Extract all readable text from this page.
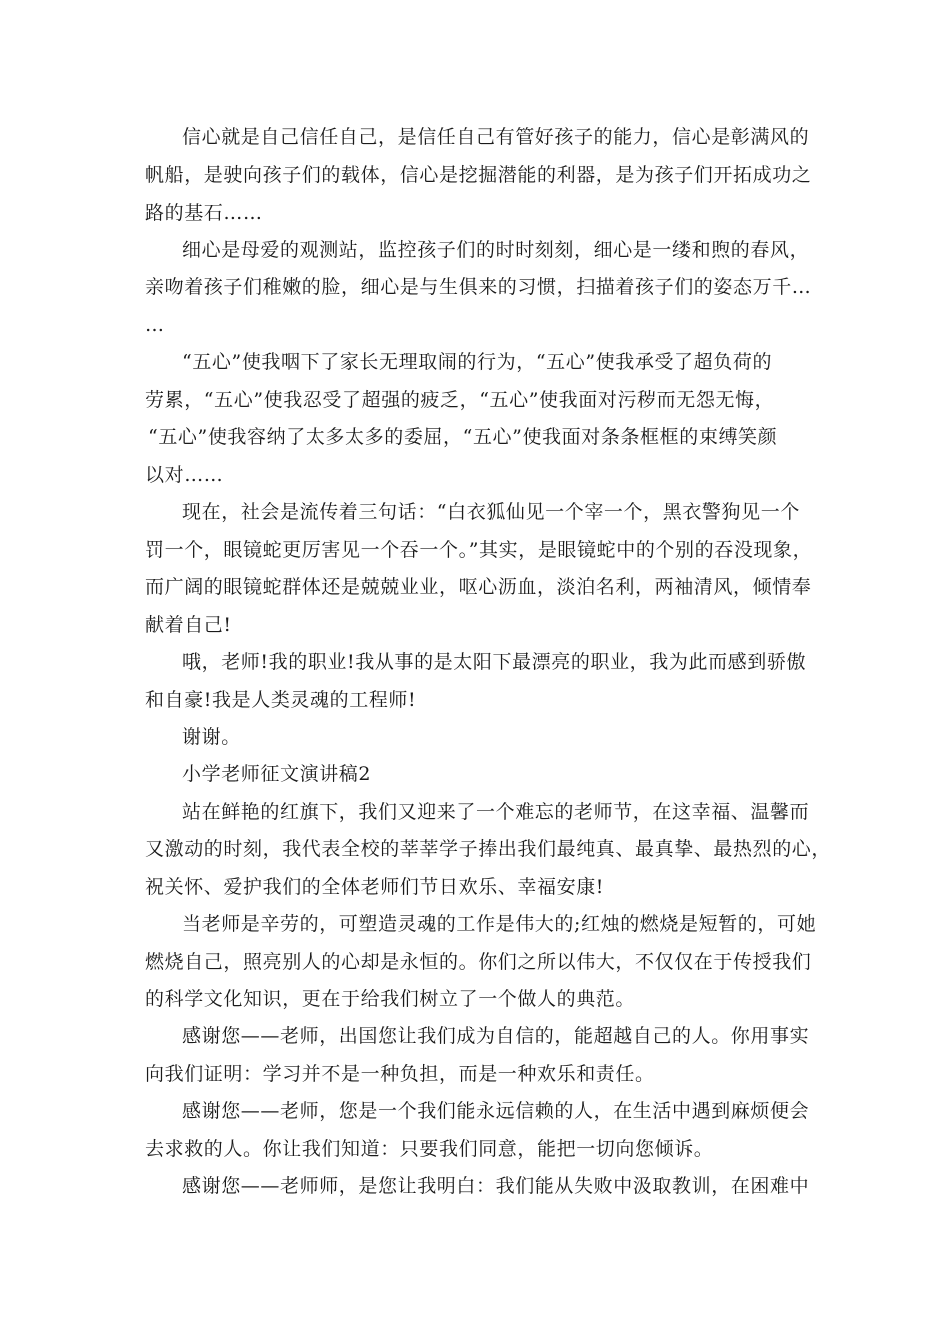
信心就是自己信任自己，是信任自己有管好孩子的能力，信心是彰满风的

帆船，是驶向孩子们的载体，信心是挖掘潜能的利器，是为孩子们开拓成功之

路的基石……

细心是母爱的观测站，监控孩子们的时时刻刻，细心是一缕和煦的春风，

亲吻着孩子们稚嫩的脸，细心是与生俱来的习惯，扫描着孩子们的姿态万千…

…

“五心”使我咽下了家长无理取闹的行为，“五心”使我承受了超负荷的

劳累，“五心”使我忍受了超强的疲乏，“五心”使我面对污秽而无怨无悔，

“五心”使我容纳了太多太多的委屈，“五心”使我面对条条框框的束缚笑颜

以对……

现在，社会是流传着三句话：“白衣狐仙见一个宰一个，黑衣警狗见一个

罚一个，眼镜蛇更厉害见一个吞一个。”其实，是眼镜蛇中的个别的吞没现象，

而广阔的眼镜蛇群体还是兢兢业业，呕心沥血，淡泊名利，两袖清风，倾情奉

献着自己!

哦，老师!我的职业!我从事的是太阳下最漂亮的职业，我为此而感到骄傲

和自豪!我是人类灵魂的工程师!

谢谢。

小学老师征文演讲稿2

站在鲜艳的红旗下，我们又迎来了一个难忘的老师节，在这幸福、温馨而

又激动的时刻，我代表全校的莘莘学子捧出我们最纯真、最真挚、最热烈的心，

祝关怀、爱护我们的全体老师们节日欢乐、幸福安康!

当老师是辛劳的，可塑造灵魂的工作是伟大的;红烛的燃烧是短暂的，可她

燃烧自己，照亮别人的心却是永恒的。你们之所以伟大，不仅仅在于传授我们

的科学文化知识，更在于给我们树立了一个做人的典范。

感谢您——老师，出国您让我们成为自信的，能超越自己的人。你用事实

向我们证明：学习并不是一种负担，而是一种欢乐和责任。

感谢您——老师，您是一个我们能永远信赖的人，在生活中遇到麻烦便会

去求救的人。你让我们知道：只要我们同意，能把一切向您倾诉。

感谢您——老师师，是您让我明白：我们能从失败中汲取教训，在困难中
